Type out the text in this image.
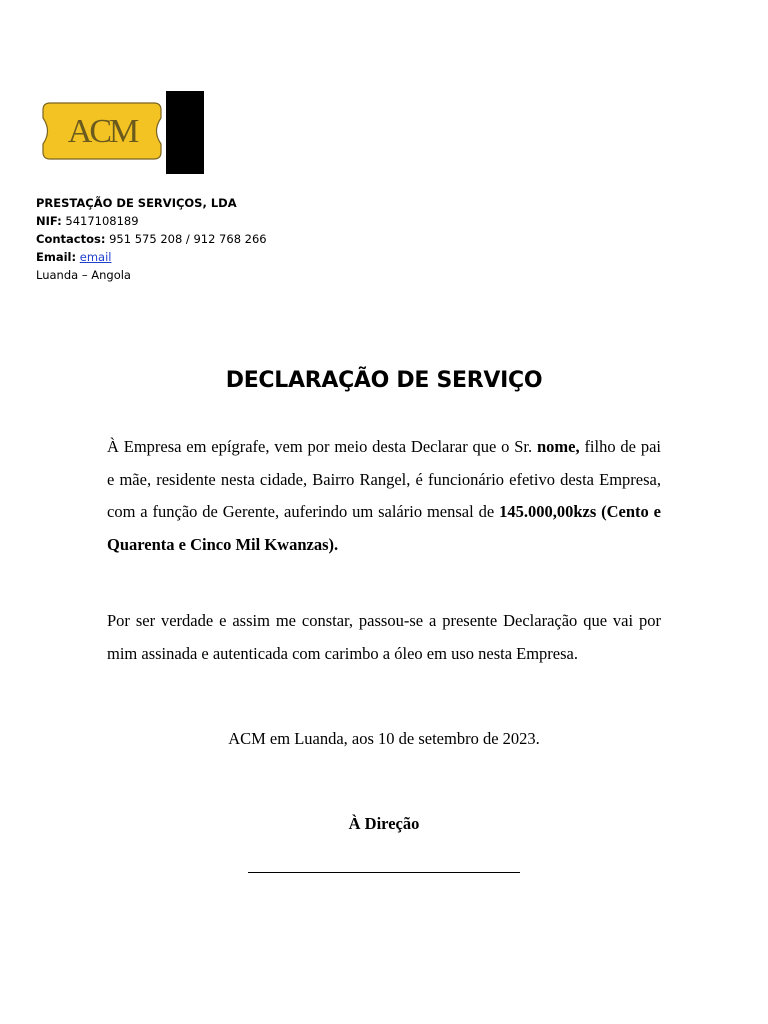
ACM
PRESTAÇÃO DE SERVIÇOS, LDA
NIF: 5417108189
Contactos: 951 575 208 / 912 768 266
Email: email
Luanda – Angola
DECLARAÇÃO DE SERVIÇO
À Empresa em epígrafe, vem por meio desta Declarar que o Sr. nome, filho de pai e mãe, residente nesta cidade, Bairro Rangel, é funcionário efetivo desta Empresa, com a função de Gerente, auferindo um salário mensal de 145.000,00kzs (Cento e Quarenta e Cinco Mil Kwanzas).
Por ser verdade e assim me constar, passou-se a presente Declaração que vai por mim assinada e autenticada com carimbo a óleo em uso nesta Empresa.
ACM em Luanda, aos 10 de setembro de 2023.
À Direção
